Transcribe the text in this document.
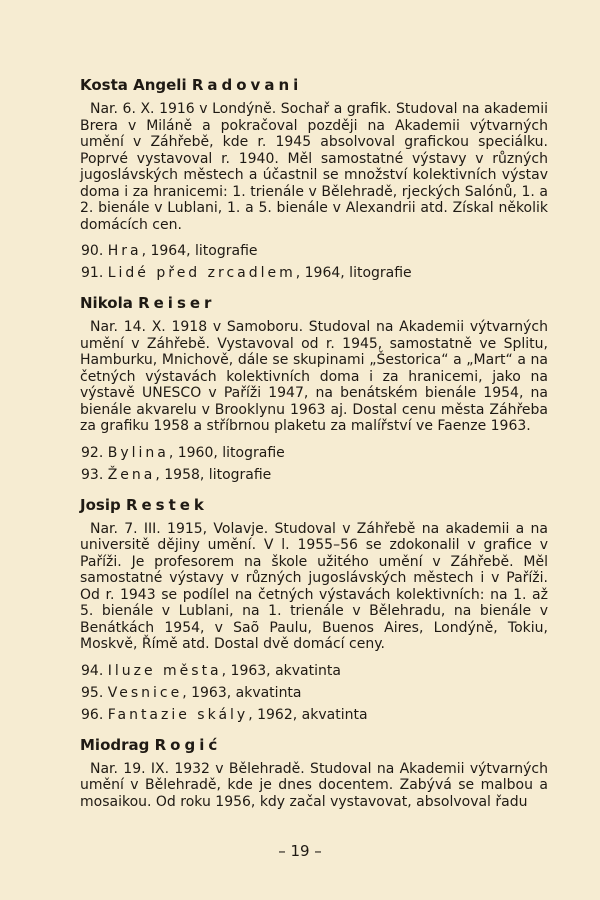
Kosta Angeli Radovani

Nar. 6. X. 1916 v Londýně. Sochař a grafik. Studoval na akademii Brera v Miláně a pokračoval později na Akademii výtvarných umění v Záhřebě, kde r. 1945 absolvoval grafickou speciálku. Poprvé vystavoval r. 1940. Měl samostatné výstavy v různých jugoslávských městech a účastnil se množství kolektivních výstav doma i za hranicemi: 1. trienále v Bělehradě, rjeckých Salónů, 1. a 2. bienále v Lublani, 1. a 5. bienále v Alexandrii atd. Získal několik domácích cen.

90. Hra, 1964, litografie
91. Lidé před zrcadlem, 1964, litografie
Nikola Reiser

Nar. 14. X. 1918 v Samoboru. Studoval na Akademii výtvarných umění v Záhřebě. Vystavoval od r. 1945, samostatně ve Splitu, Hamburku, Mnichově, dále se skupinami „Šestorica“ a „Mart“ a na četných výstavách kolektivních doma i za hranicemi, jako na výstavě UNESCO v Paříži 1947, na benátském bienále 1954, na bienále akvarelu v Brooklynu 1963 aj. Dostal cenu města Záhřeba za grafiku 1958 a stříbrnou plaketu za malířství ve Faenze 1963.

92. Bylina, 1960, litografie
93. Žena, 1958, litografie
Josip Restek

Nar. 7. III. 1915, Volavje. Studoval v Záhřebě na akademii a na universitě dějiny umění. V l. 1955–56 se zdokonalil v grafice v Paříži. Je profesorem na škole užitého umění v Záhřebě. Měl samostatné výstavy v různých jugoslávských městech i v Paříži. Od r. 1943 se podílel na četných výstavách kolektivních: na 1. až 5. bienále v Lublani, na 1. trienále v Bělehradu, na bienále v Benátkách 1954, v Saõ Paulu, Buenos Aires, Londýně, Tokiu, Moskvě, Římě atd. Dostal dvě domácí ceny.

94. Iluze města, 1963, akvatinta
95. Vesnice, 1963, akvatinta
96. Fantazie skály, 1962, akvatinta
Miodrag Rogić

Nar. 19. IX. 1932 v Bělehradě. Studoval na Akademii výtvarných umění v Bělehradě, kde je dnes docentem. Zabývá se malbou a mosaikou. Od roku 1956, kdy začal vystavovat, absolvoval řadu

– 19 –
